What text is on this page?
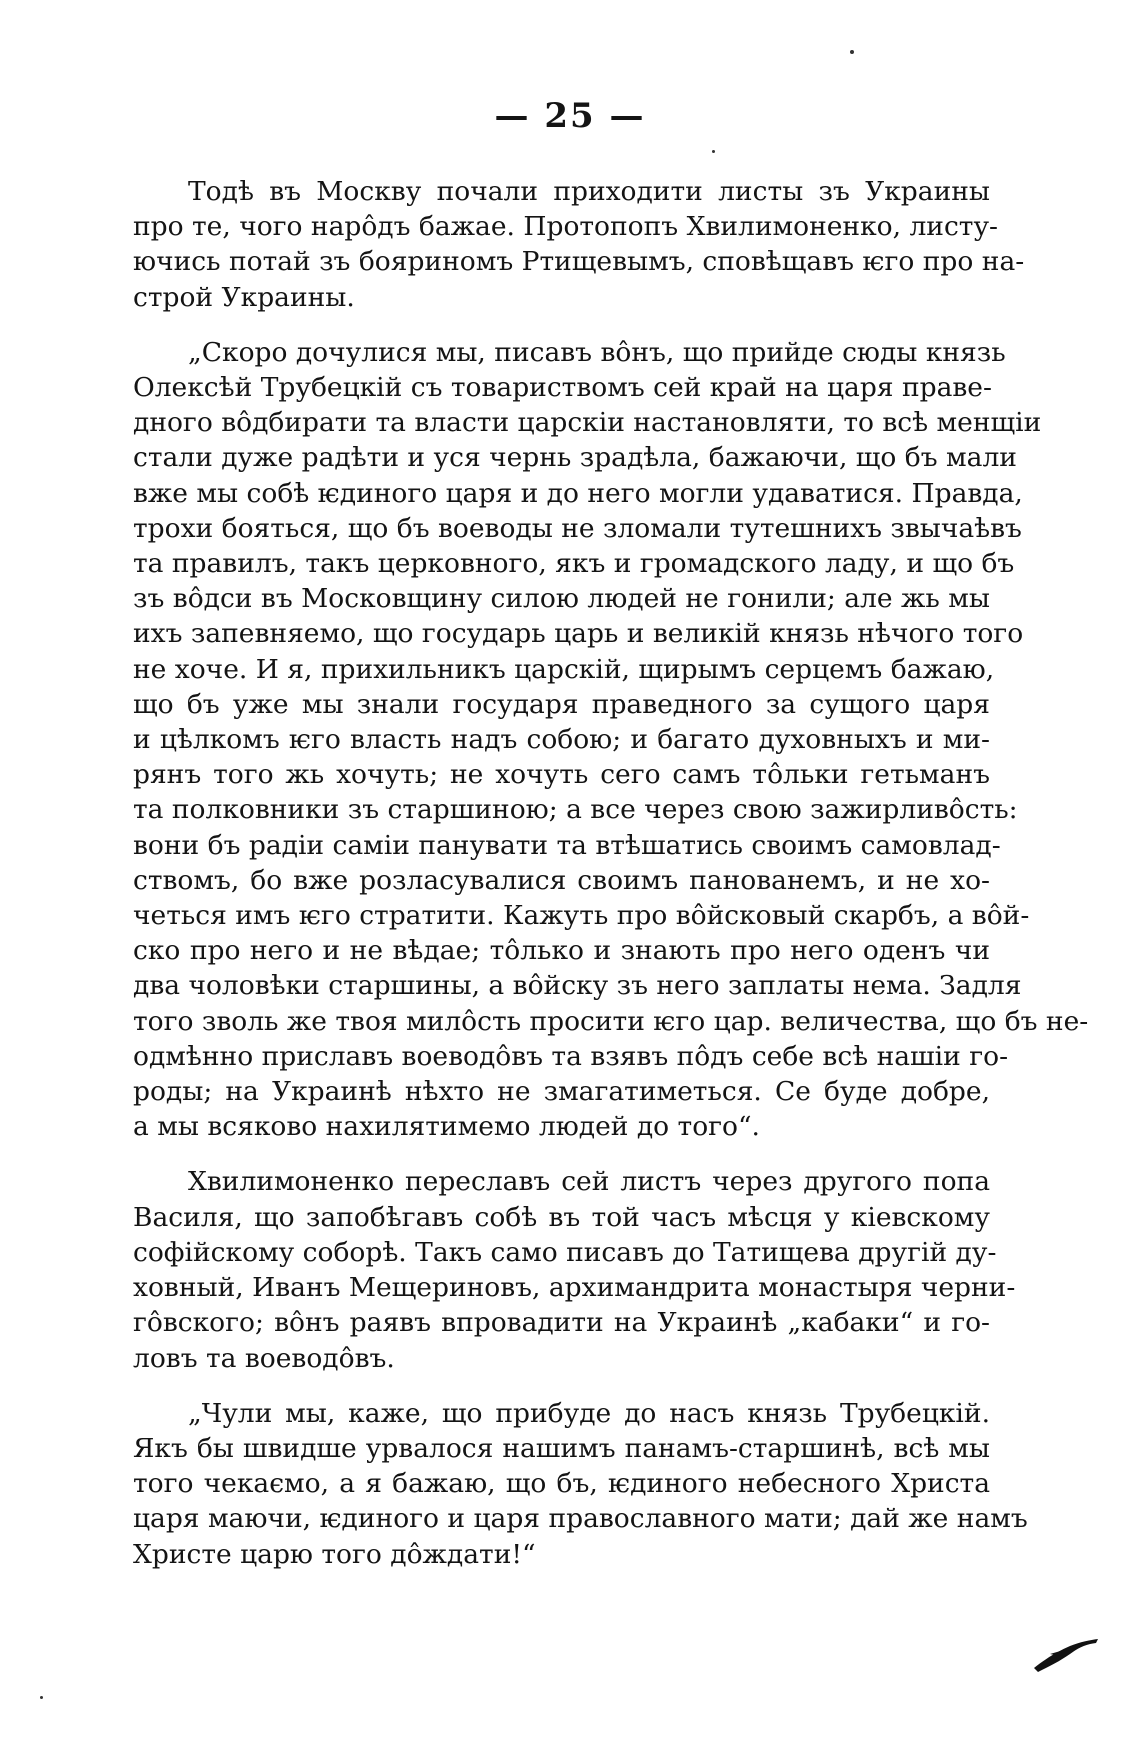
— 25 —
Тодѣ въ Москву почали приходити листы зъ Украины
про те, чого нарôдъ бажае. Протопопъ Хвилимоненко, листу-
ючись потай зъ бояриномъ Ртищевымъ, сповѣщавъ ѥго про на-
строй Украины.
„Скоро дочулися мы, писавъ вôнъ, що прийде сюды князь
Олексѣй Трубецкій съ товариствомъ сей край на царя праве-
дного вôдбирати та власти царскіи настановляти, то всѣ менщіи
стали дуже радѣти и уся чернь зрадѣла, бажаючи, що бъ мали
вже мы собѣ ѥдиного царя и до него могли удаватися. Правда,
трохи бояться, що бъ воеводы не зломали тутешнихъ звычаѣвъ
та правилъ, такъ церковного, якъ и громадского ладу, и що бъ
зъ вôдси въ Московщину силою людей не гонили; але жь мы
ихъ запевняемо, що государь царь и великій князь нѣчого того
не хоче. И я, прихильникъ царскій, щирымъ серцемъ бажаю,
що бъ уже мы знали государя праведного за сущого царя
и цѣлкомъ ѥго власть надъ собою; и багато духовныхъ и ми-
рянъ того жь хочуть; не хочуть сего самъ тôльки гетьманъ
та полковники зъ старшиною; а все через свою зажирливôсть:
вони бъ радіи саміи панувати та втѣшатись своимъ самовлад-
ствомъ, бо вже розласувалися своимъ панованемъ, и не хо-
четься имъ ѥго стратити. Кажуть про вôйсковый скарбъ, а вôй-
ско про него и не вѣдае; тôлько и знають про него оденъ чи
два чоловѣки старшины, а вôйску зъ него заплаты нема. Задля
того зволь же твоя милôсть просити ѥго цар. величества, що бъ не-
одмѣнно приславъ воеводôвъ та взявъ пôдъ себе всѣ нашіи го-
роды; на Украинѣ нѣхто не змагатиметься. Се буде добре,
а мы всяково нахилятимемо людей до того“.
Хвилимоненко переславъ сей листъ через другого попа
Василя, що запобѣгавъ собѣ въ той часъ мѣсця у кіевскому
софійскому соборѣ. Такъ само писавъ до Татищева другій ду-
ховный, Иванъ Мещериновъ, архимандрита монастыря черни-
гôвского; вôнъ раявъ впровадити на Украинѣ „кабаки“ и го-
ловъ та воеводôвъ.
„Чули мы, каже, що прибуде до насъ князь Трубецкій.
Якъ бы швидше урвалося нашимъ панамъ-старшинѣ, всѣ мы
того чекаємо, а я бажаю, що бъ, ѥдиного небесного Христа
царя маючи, ѥдиного и царя православного мати; дай же намъ
Христе царю того дôждати!“
